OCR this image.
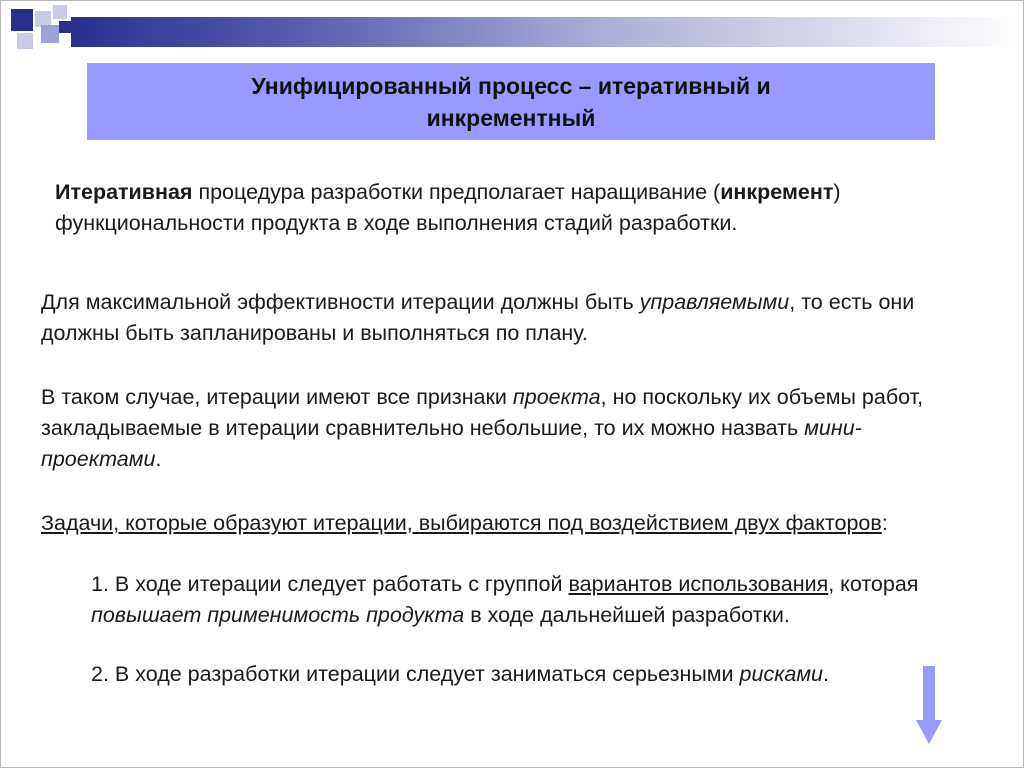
Унифицированный процесс – итеративный и инкрементный
Итеративная процедура разработки предполагает наращивание (инкремент) функциональности продукта в ходе выполнения стадий разработки.
Для максимальной эффективности итерации должны быть управляемыми, то есть они должны быть запланированы и выполняться по плану.
В таком случае, итерации имеют все признаки проекта, но поскольку их объемы работ, закладываемые в итерации сравнительно небольшие, то их можно назвать мини-проектами.
Задачи, которые образуют итерации, выбираются под воздействием двух факторов:
1. В ходе итерации следует работать с группой вариантов использования, которая повышает применимость продукта в ходе дальнейшей разработки.
2. В ходе разработки итерации следует заниматься серьезными рисками.
